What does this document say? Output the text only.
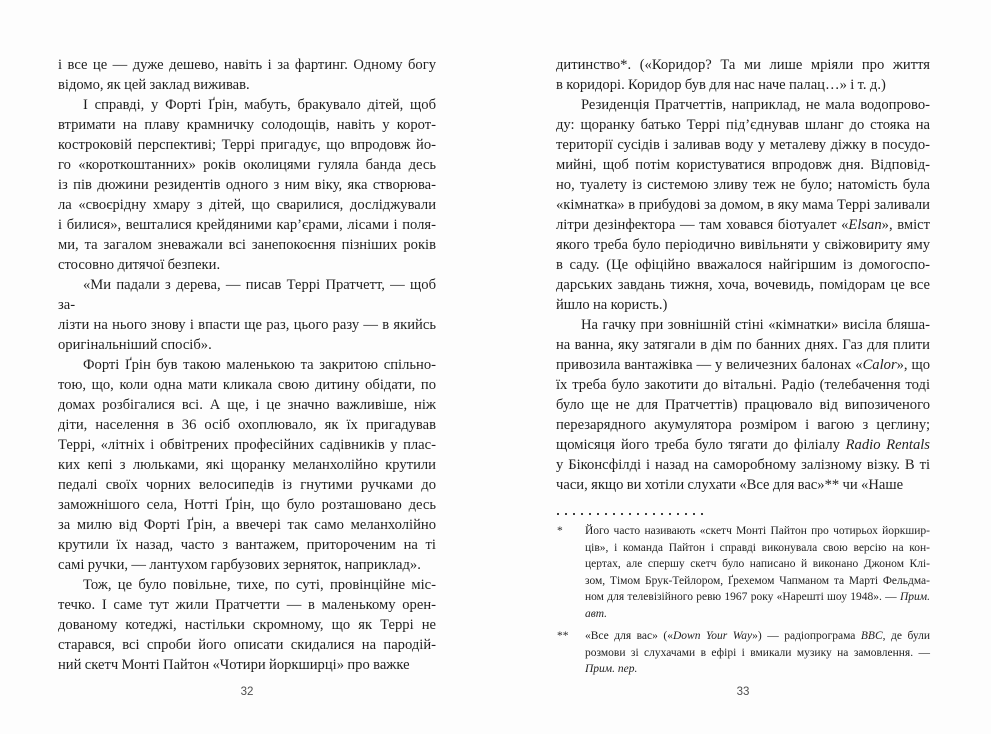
і все це — дуже дешево, навіть і за фартинг. Одному богу
відомо, як цей заклад виживав.
І справді, у Форті Ґрін, мабуть, бракувало дітей, щоб
втримати на плаву крамничку солодощів, навіть у корот-
костроковій перспективі; Террі пригадує, що впродовж йо-
го «короткоштанних» років околицями гуляла банда десь
із пів дюжини резидентів одного з ним віку, яка створюва-
ла «своєрідну хмару з дітей, що сварилися, досліджували
і билися», вешталися крейдяними кар’єрами, лісами і поля-
ми, та загалом зневажали всі занепокоєння пізніших років
стосовно дитячої безпеки.
«Ми падали з дерева, — писав Террі Пратчетт, — щоб за-
лізти на нього знову і впасти ще раз, цього разу — в якийсь
оригінальніший спосіб».
Форті Ґрін був такою маленькою та закритою спільно-
тою, що, коли одна мати кликала свою дитину обідати, по
домах розбігалися всі. А ще, і це значно важливіше, ніж
діти, населення в 36 осіб охоплювало, як їх пригадував
Террі, «літніх і обвітрених професійних садівників у плас-
ких кепі з люльками, які щоранку меланхолійно крутили
педалі своїх чорних велосипедів із гнутими ручками до
заможнішого села, Нотті Ґрін, що було розташовано десь
за милю від Форті Ґрін, а ввечері так само меланхолійно
крутили їх назад, часто з вантажем, притороченим на ті
самі ручки, — лантухом гарбузових зерняток, наприклад».
Тож, це було повільне, тихе, по суті, провінційне міс-
течко. І саме тут жили Пратчетти — в маленькому орен-
дованому котеджі, настільки скромному, що як Террі не
старався, всі спроби його описати скидалися на пародій-
ний скетч Монті Пайтон «Чотири йоркширці» про важке
32
дитинство*. («Коридор? Та ми лише мріяли про життя
в коридорі. Коридор був для нас наче палац…» і т. д.)
Резиденція Пратчеттів, наприклад, не мала водопрово-
ду: щоранку батько Террі під’єднував шланг до стояка на
території сусідів і заливав воду у металеву діжку в посудо-
мийні, щоб потім користуватися впродовж дня. Відповід-
но, туалету із системою зливу теж не було; натомість була
«кімнатка» в прибудові за домом, в яку мама Террі заливали
літри дезінфектора — там ховався біотуалет «Elsan», вміст
якого треба було періодично вивільняти у свіжовириту яму
в саду. (Це офіційно вважалося найгіршим із домогоспо-
дарських завдань тижня, хоча, вочевидь, помідорам це все
йшло на користь.)
На гачку при зовнішній стіні «кімнатки» висіла бляша-
на ванна, яку затягали в дім по банних днях. Газ для плити
привозила вантажівка — у величезних балонах «Calor», що
їх треба було закотити до вітальні. Радіо (телебачення тоді
було ще не для Пратчеттів) працювало від випозиченого
перезарядного акумулятора розміром і вагою з цеглину;
щомісяця його треба було тягати до філіалу Radio Rentals
у Біконсфілді і назад на саморобному залізному візку. В ті
часи, якщо ви хотіли слухати «Все для вас»** чи «Наше
* Його часто називають «скетч Монті Пайтон про чотирьох йоркшир-
ців», і команда Пайтон і справді виконувала свою версію на кон-
цертах, але спершу скетч було написано й виконано Джоном Клі-
зом, Тімом Брук-Тейлором, Ґрехемом Чапманом та Марті Фельдма-
ном для телевізійного ревю 1967 року «Нарешті шоу 1948». — Прим.
авт.
** «Все для вас» («Down Your Way») — радіопрограма BBC, де були
розмови зі слухачами в ефірі і вмикали музику на замовлення. —
Прим. пер.
33
